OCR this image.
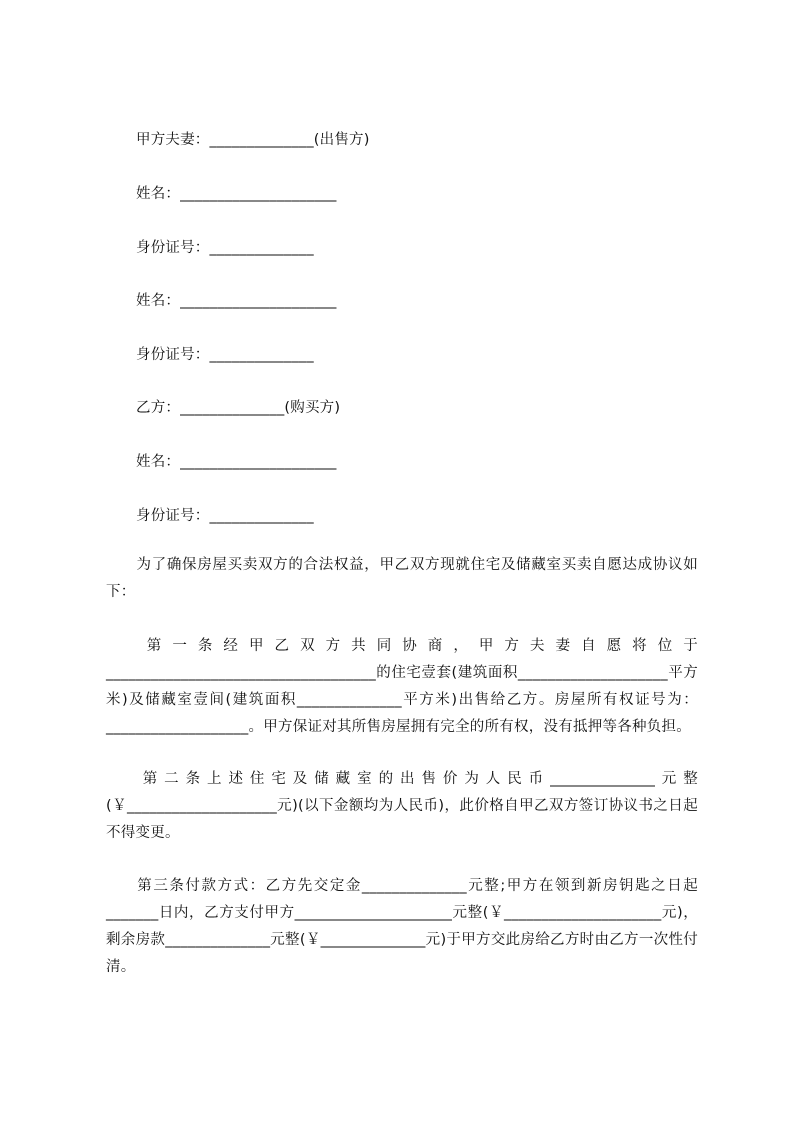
甲方夫妻：______________(出售方)
姓名：_____________________
身份证号：______________
姓名：_____________________
身份证号：______________
乙方：______________(购买方)
姓名：_____________________
身份证号：______________
为了确保房屋买卖双方的合法权益，甲乙双方现就住宅及储藏室买卖自愿达成协议如下：
第一条经甲乙双方共同协商，甲方夫妻自愿将位于____________________________________的住宅壹套(建筑面积____________________平方米)及储藏室壹间(建筑面积______________平方米)出售给乙方。房屋所有权证号为：___________________。甲方保证对其所售房屋拥有完全的所有权，没有抵押等各种负担。
第二条上述住宅及储藏室的出售价为人民币______________元整(￥____________________元)(以下金额均为人民币)，此价格自甲乙双方签订协议书之日起不得变更。
第三条付款方式：乙方先交定金______________元整;甲方在领到新房钥匙之日起_______日内，乙方支付甲方_____________________元整(￥_____________________元)，剩余房款______________元整(￥______________元)于甲方交此房给乙方时由乙方一次性付清。
